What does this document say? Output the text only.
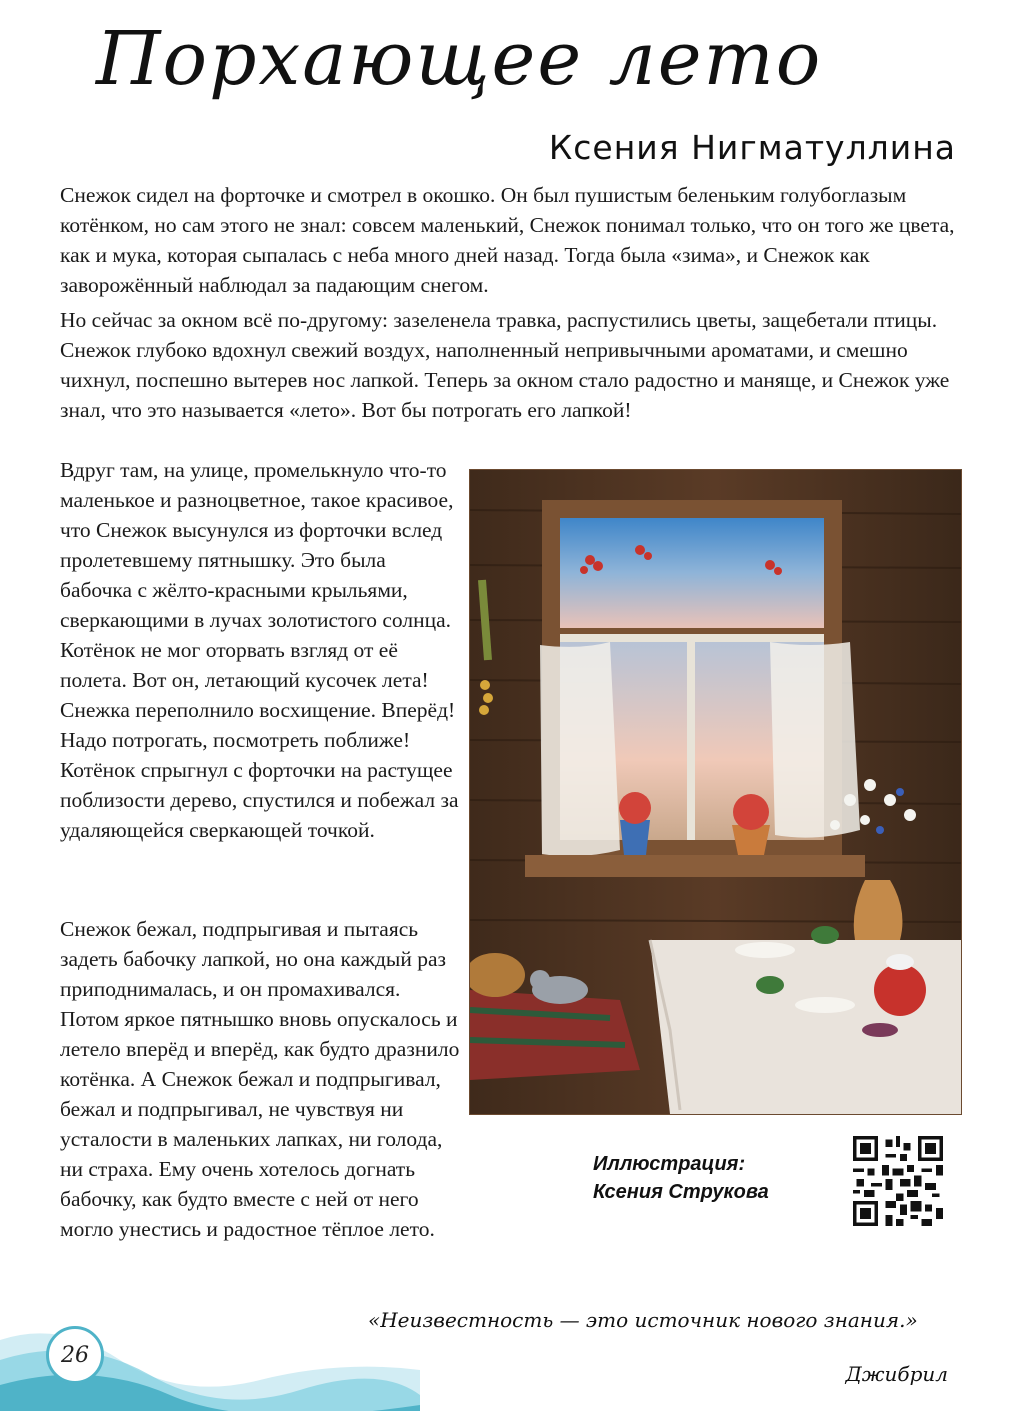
Порхающее лето
Ксения Нигматуллина

Снежок сидел на форточке и смотрел в окошко. Он был пушистым беленьким голубоглазым котёнком, но сам этого не знал: совсем маленький, Снежок понимал только, что он того же цвета, как и мука, которая сыпалась с неба много дней назад. Тогда была «зима», и Снежок как заворожённый наблюдал за падающим снегом.

Но сейчас за окном всё по-другому: зазеленела травка, распустились цветы, защебетали птицы. Снежок глубоко вдохнул свежий воздух, наполненный непривычными ароматами, и смешно чихнул, поспешно вытерев нос лапкой. Теперь за окном стало радостно и маняще, и Снежок уже знал, что это называется «лето». Вот бы потрогать его лапкой!

Вдруг там, на улице, промелькнуло что-то маленькое и разноцветное, такое красивое, что Снежок высунулся из форточки вслед пролетевшему пятнышку. Это была бабочка с жёлто-красными крыльями, сверкающими в лучах золотистого солнца. Котёнок не мог оторвать взгляд от её полета. Вот он, летающий кусочек лета! Снежка переполнило восхищение. Вперёд! Надо потрогать, посмотреть поближе! Котёнок спрыгнул с форточки на растущее поблизости дерево, спустился и побежал за удаляющейся сверкающей точкой.

Снежок бежал, подпрыгивая и пытаясь задеть бабочку лапкой, но она каждый раз приподнималась, и он промахивался. Потом яркое пятнышко вновь опускалось и летело вперёд и вперёд, как будто дразнило котёнка. А Снежок бежал и подпрыгивал, бежал и подпрыгивал, не чувствуя ни усталости в маленьких лапках, ни голода, ни страха. Ему очень хотелось догнать бабочку, как будто вместе с ней от него могло унестись и радостное тёплое лето.

Иллюстрация:
Ксения Струкова
26
«Неизвестность — это источник нового знания.»
Джибрил
